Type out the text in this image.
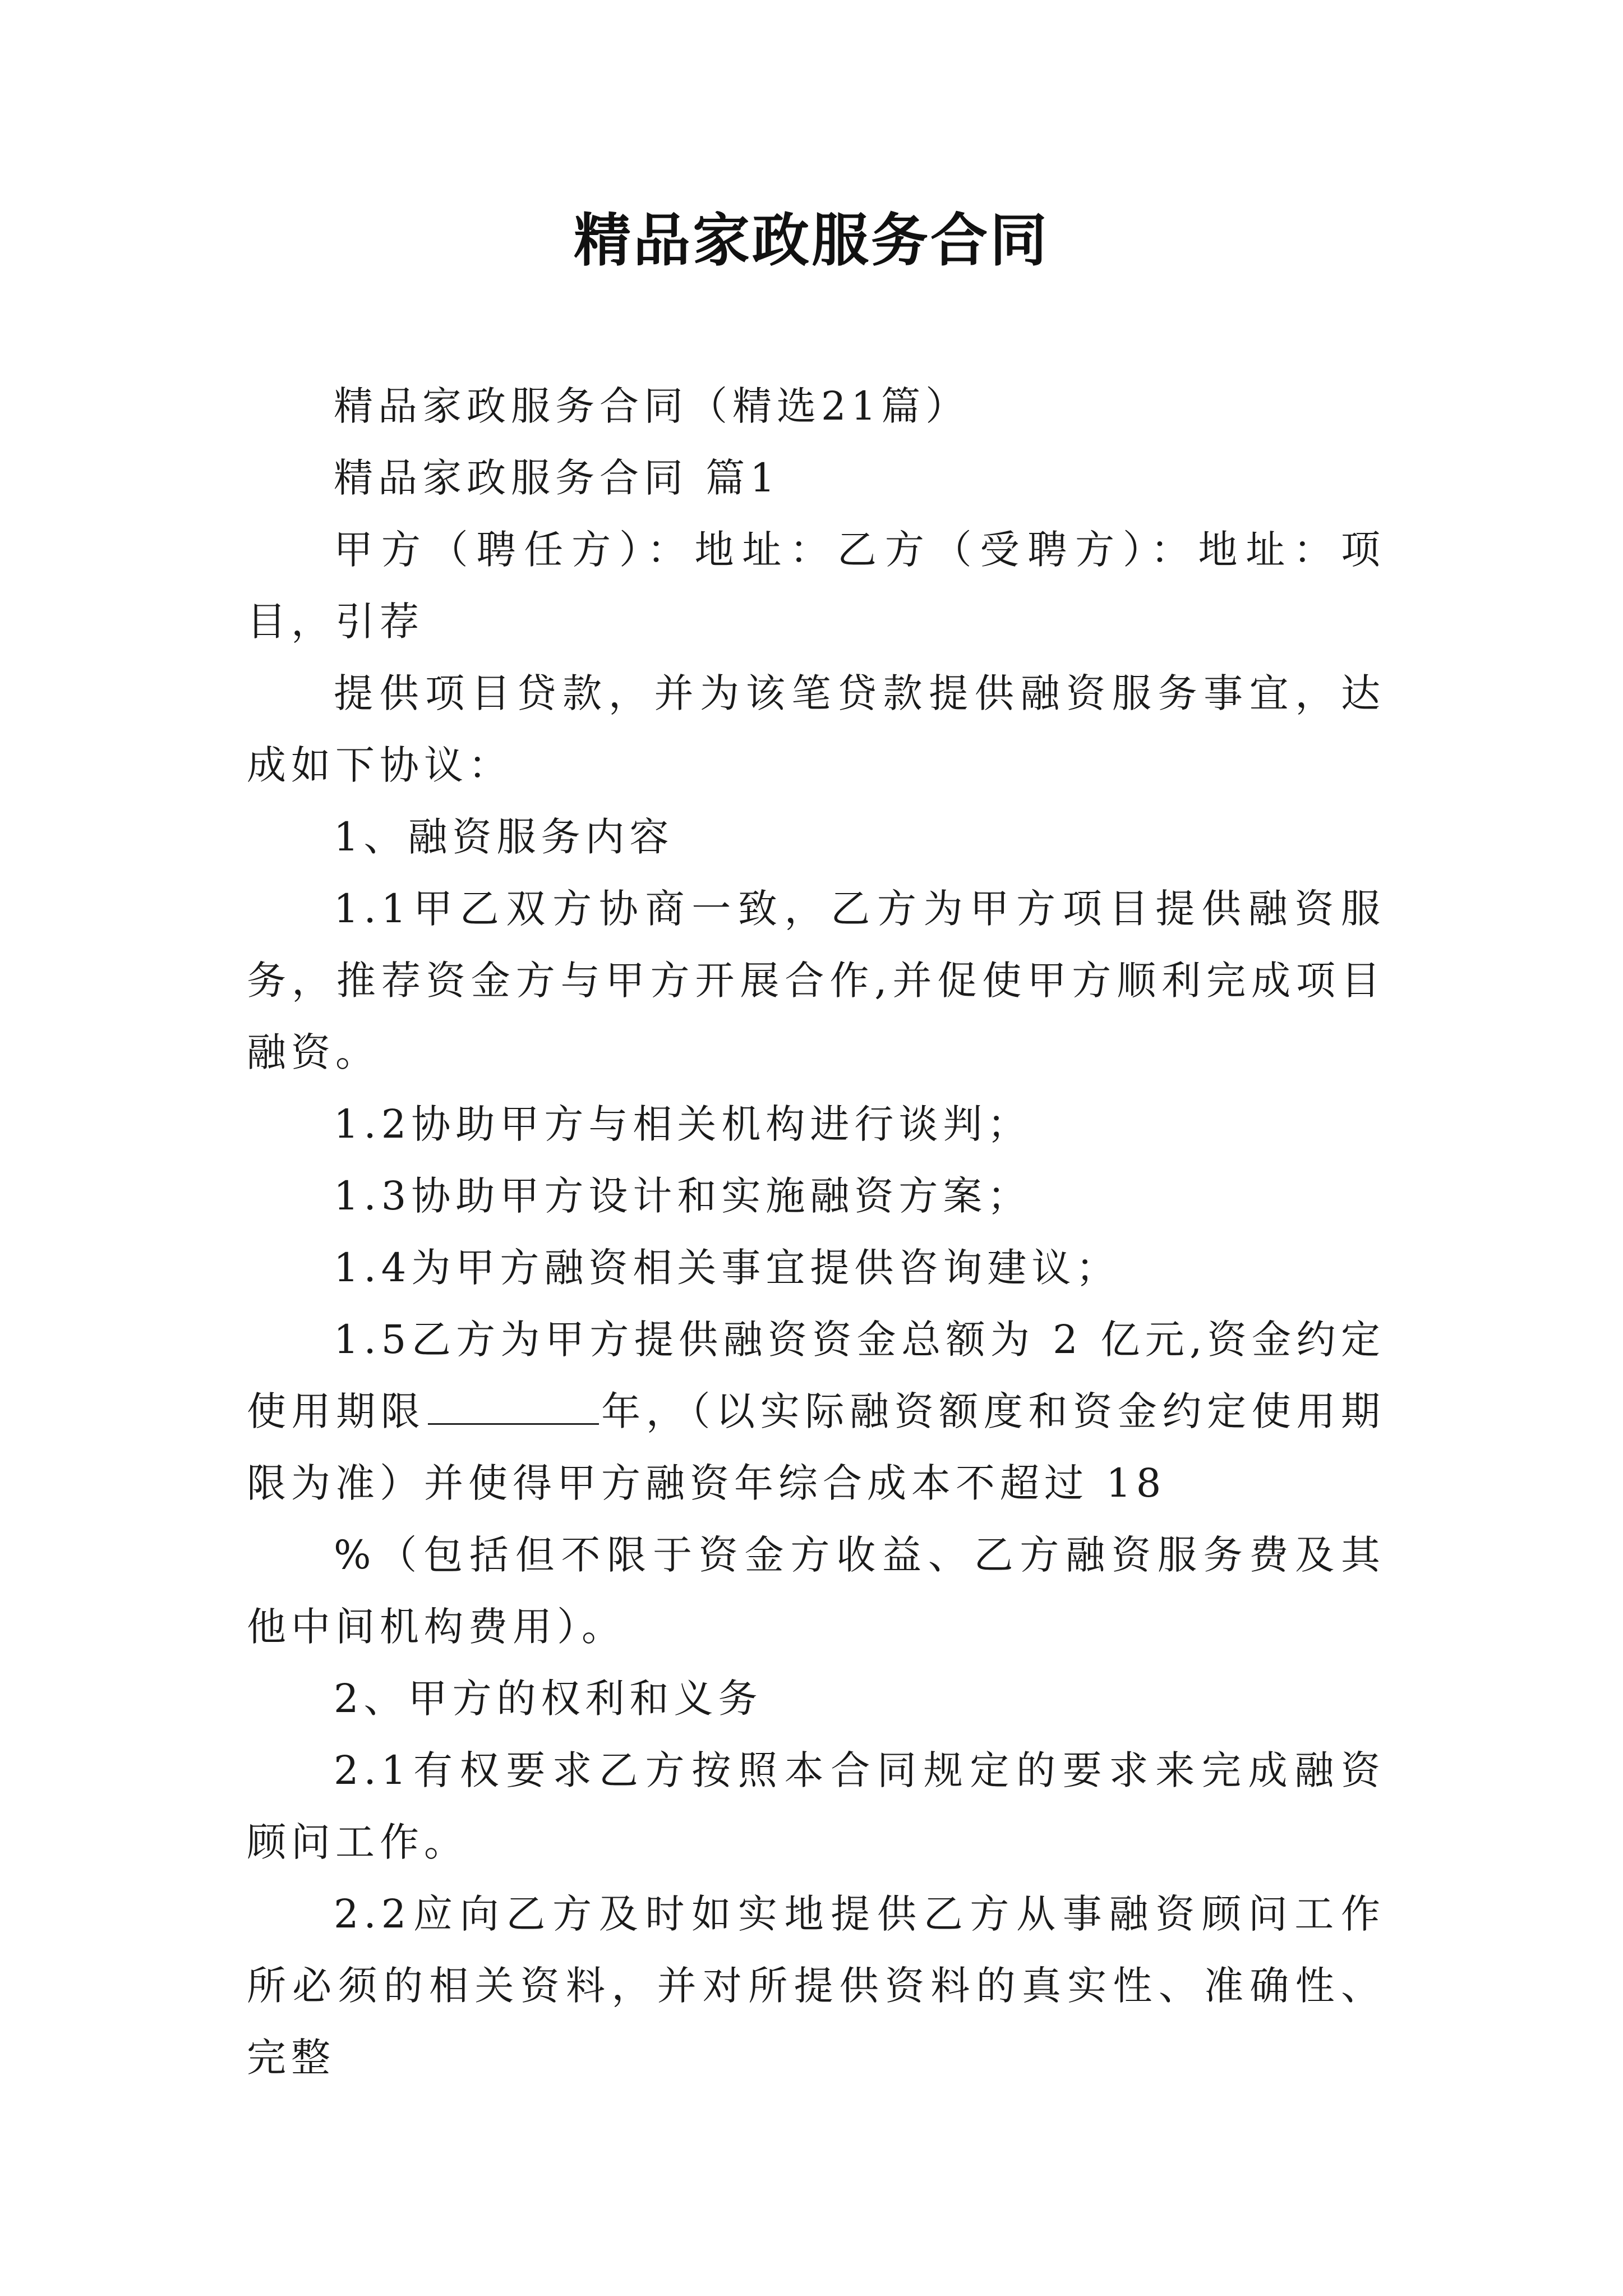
精品家政服务合同

精品家政服务合同（精选21篇）

精品家政服务合同 篇1

甲方（聘任方）：地址：乙方（受聘方）：地址：项目，引荐

提供项目贷款，并为该笔贷款提供融资服务事宜，达成如下协议：

1、融资服务内容

1.1甲乙双方协商一致，乙方为甲方项目提供融资服务，推荐资金方与甲方开展合作,并促使甲方顺利完成项目融资。

1.2协助甲方与相关机构进行谈判；

1.3协助甲方设计和实施融资方案；

1.4为甲方融资相关事宜提供咨询建议；

1.5乙方为甲方提供融资资金总额为 2 亿元,资金约定使用期限	年，（以实际融资额度和资金约定使用期限为准）并使得甲方融资年综合成本不超过 18

%（包括但不限于资金方收益、乙方融资服务费及其他中间机构费用）。

2、甲方的权利和义务

2.1有权要求乙方按照本合同规定的要求来完成融资顾问工作。

2.2应向乙方及时如实地提供乙方从事融资顾问工作所必须的相关资料，并对所提供资料的真实性、准确性、完整
